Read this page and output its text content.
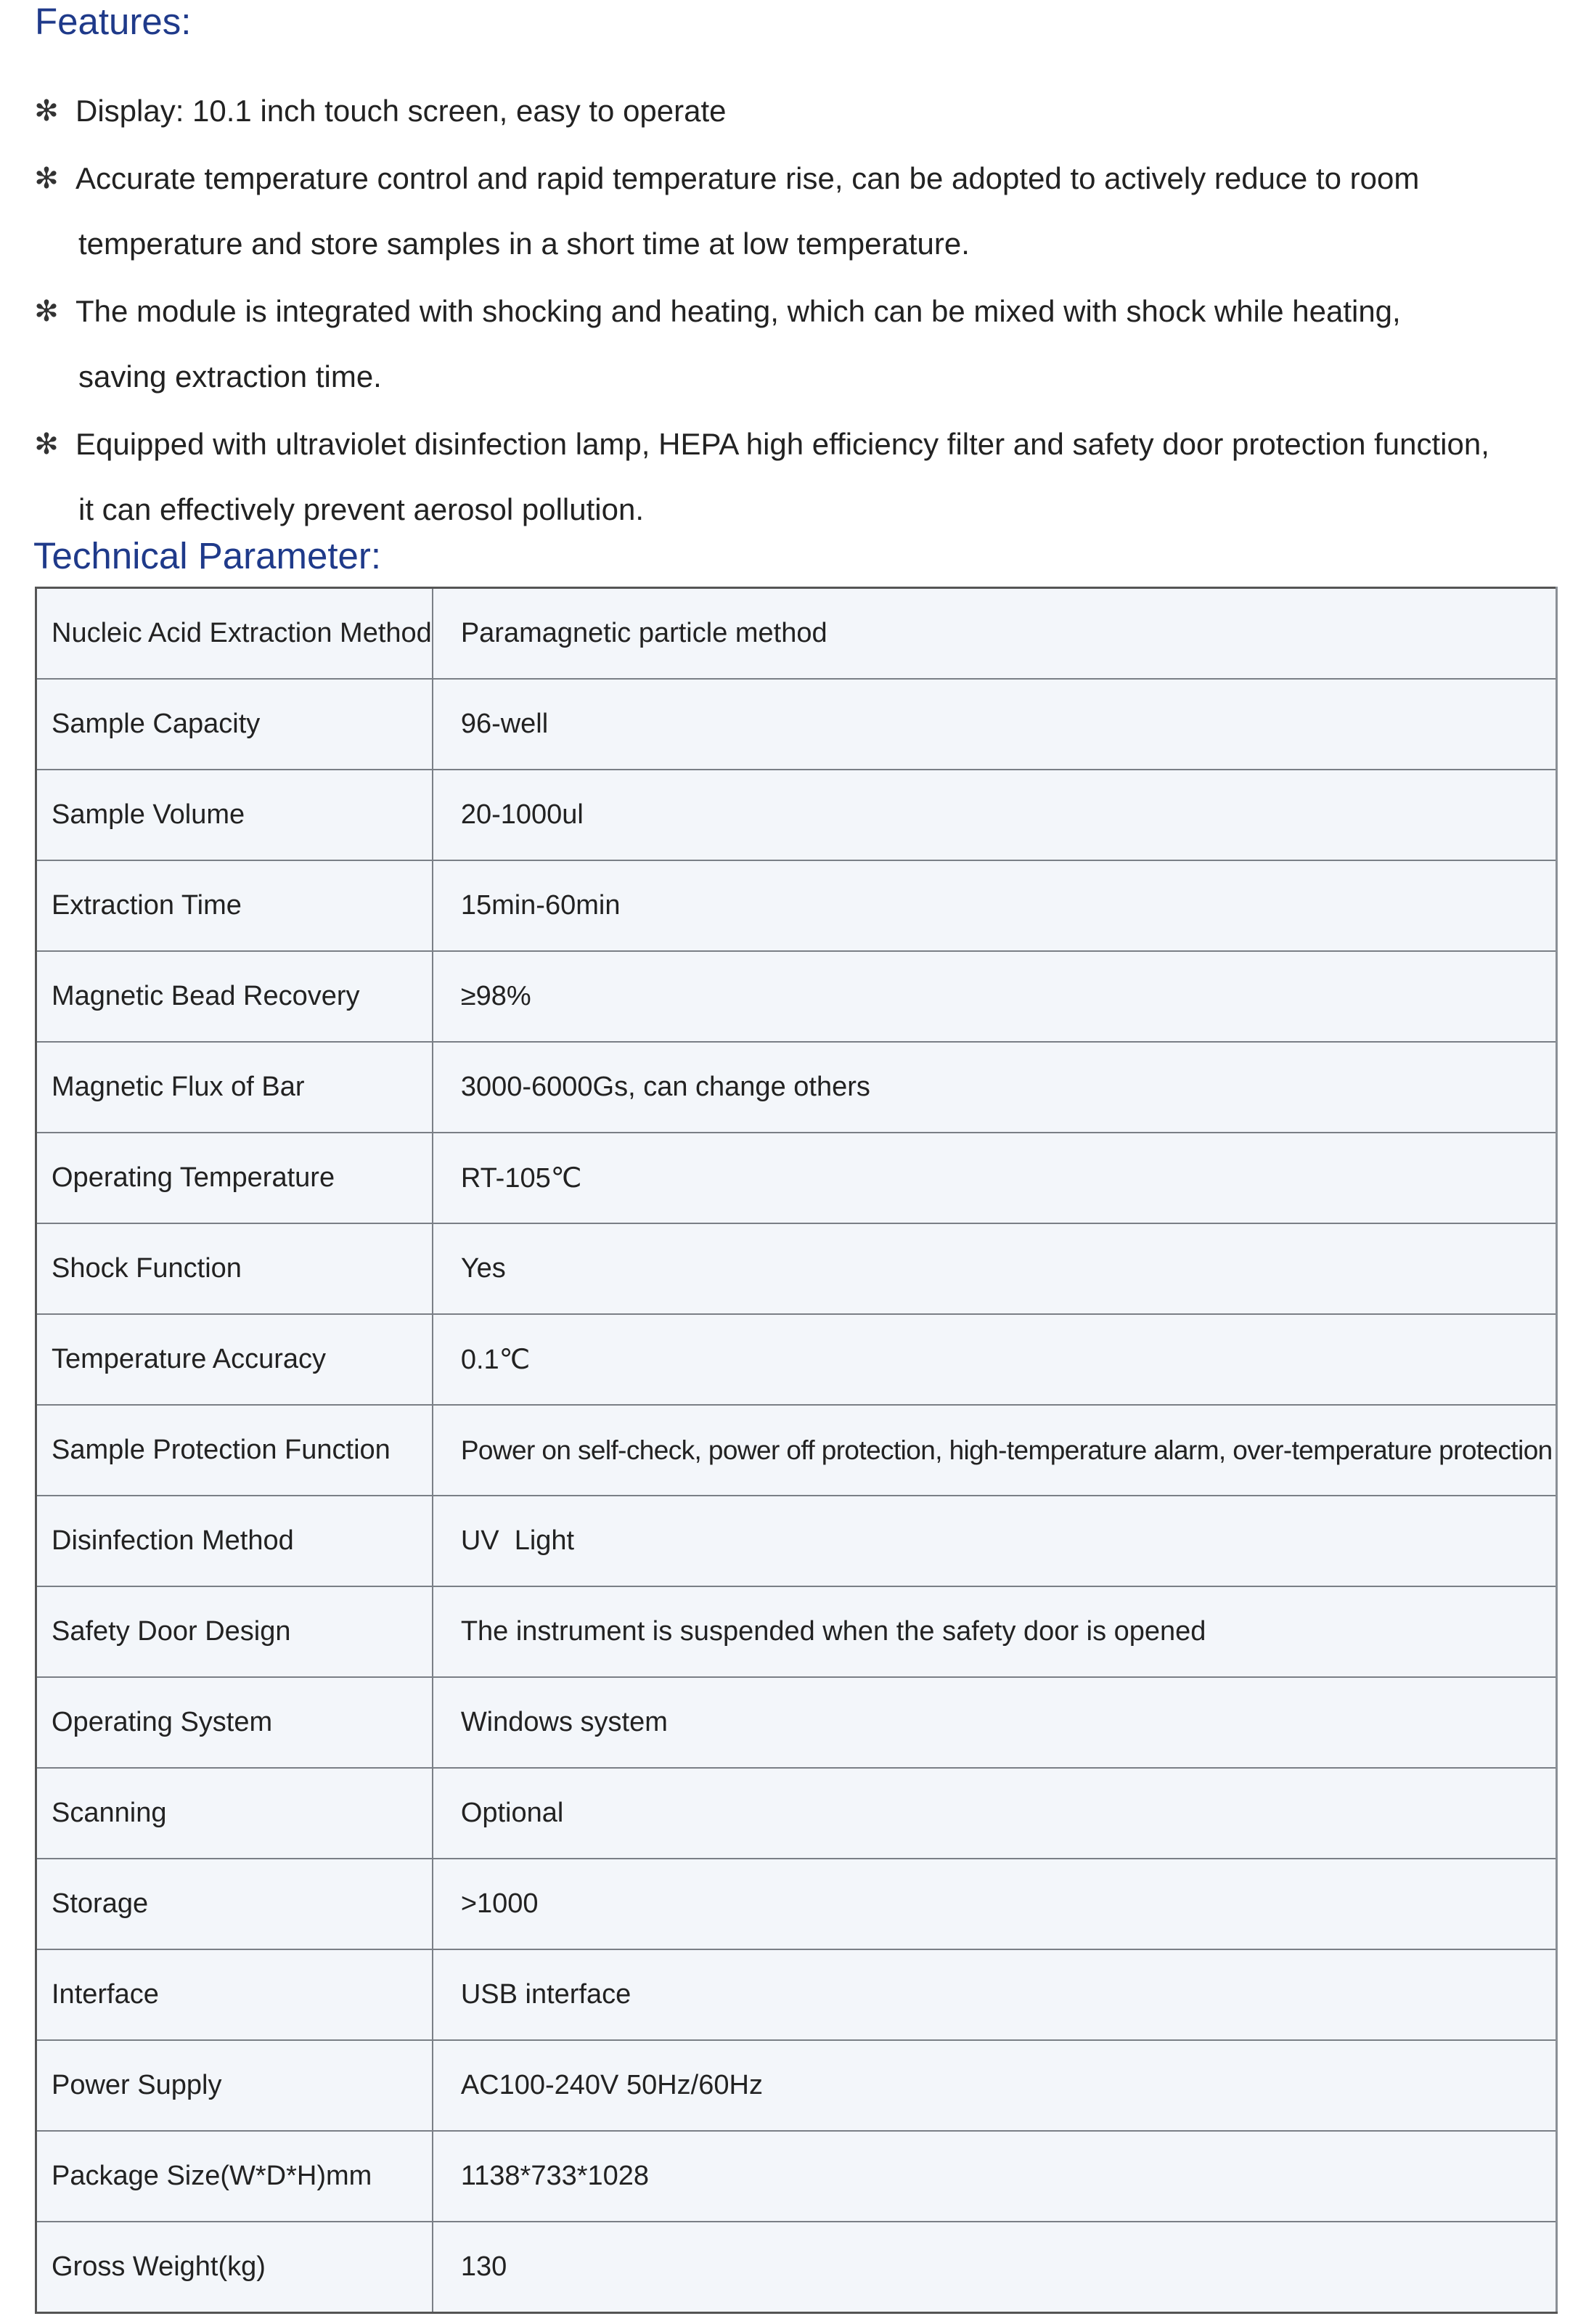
Features:
✻ Display: 10.1 inch touch screen, easy to operate
✻ Accurate temperature control and rapid temperature rise, can be adopted to actively reduce to room
temperature and store samples in a short time at low temperature.
✻ The module is integrated with shocking and heating, which can be mixed with shock while heating,
saving extraction time.
✻ Equipped with ultraviolet disinfection lamp, HEPA high efficiency filter and safety door protection function,
it can effectively prevent aerosol pollution.
Technical Parameter:
Nucleic Acid Extraction Method	Paramagnetic particle method
Sample Capacity	96-well
Sample Volume	20-1000ul
Extraction Time	15min-60min
Magnetic Bead Recovery	≥98%
Magnetic Flux of Bar	3000-6000Gs, can change others
Operating Temperature	RT-105℃
Shock Function	Yes
Temperature Accuracy	0.1℃
Sample Protection Function	Power on self-check, power off protection, high-temperature alarm, over-temperature protection
Disinfection Method	UV  Light
Safety Door Design	The instrument is suspended when the safety door is opened
Operating System	Windows system
Scanning	Optional
Storage	>1000
Interface	USB interface
Power Supply	AC100-240V 50Hz/60Hz
Package Size(W*D*H)mm	1138*733*1028
Gross Weight(kg)	130
